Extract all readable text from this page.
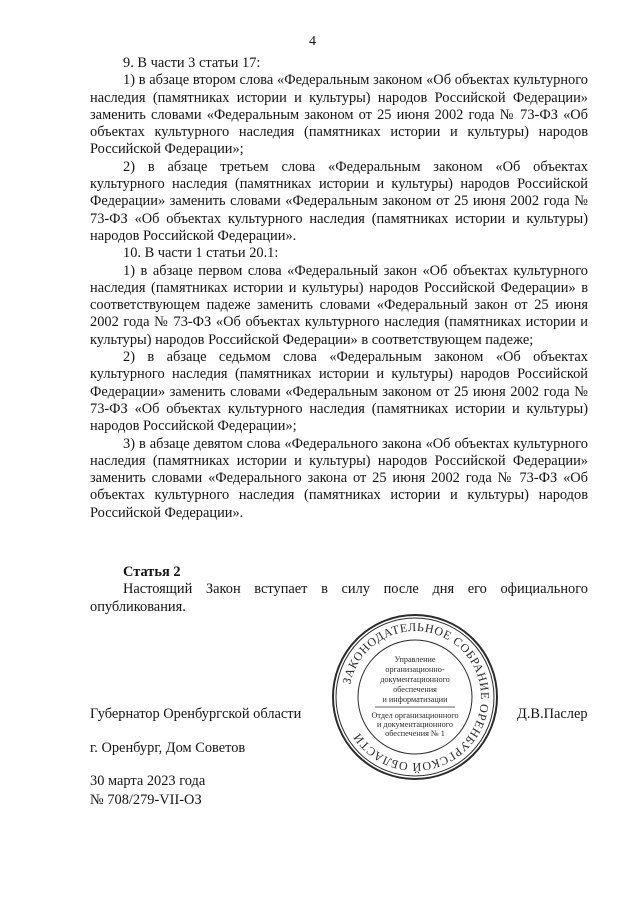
4

9. В части 3 статьи 17:

1) в абзаце втором слова «Федеральным законом «Об объектах культурного наследия (памятниках истории и культуры) народов Российской Федерации» заменить словами «Федеральным законом от 25 июня 2002 года № 73-ФЗ «Об объектах культурного наследия (памятниках истории и культуры) народов Российской Федерации»;

2) в абзаце третьем слова «Федеральным законом «Об объектах культурного наследия (памятниках истории и культуры) народов Российской Федерации» заменить словами «Федеральным законом от 25 июня 2002 года № 73-ФЗ «Об объектах культурного наследия (памятниках истории и культуры) народов Российской Федерации».

10. В части 1 статьи 20.1:

1) в абзаце первом слова «Федеральный закон «Об объектах культурного наследия (памятниках истории и культуры) народов Российской Федерации» в соответствующем падеже заменить словами «Федеральный закон от 25 июня 2002 года № 73-ФЗ «Об объектах культурного наследия (памятниках истории и культуры) народов Российской Федерации» в соответствующем падеже;

2) в абзаце седьмом слова «Федеральным законом «Об объектах культурного наследия (памятниках истории и культуры) народов Российской Федерации» заменить словами «Федеральным законом от 25 июня 2002 года № 73-ФЗ «Об объектах культурного наследия (памятниках истории и культуры) народов Российской Федерации»;

3) в абзаце девятом слова «Федерального закона «Об объектах культурного наследия (памятниках истории и культуры) народов Российской Федерации» заменить словами «Федерального закона от 25 июня 2002 года № 73-ФЗ «Об объектах культурного наследия (памятниках истории и культуры) народов Российской Федерации».

Статья 2

Настоящий Закон вступает в силу после дня его официального опубликования.

ЗАКОНОДАТЕЛЬНОЕ СОБРАНИЕ ОРЕНБУРГСКОЙ ОБЛАСТИ
Управление
организационно-
документационного
обеспечения
и информатизации
Отдел организационного
и документационного
обеспечения № 1
Губернатор Оренбургской области	Д.В.Паслер
г. Оренбург, Дом Советов
30 марта 2023 года
№ 708/279-VII-ОЗ
